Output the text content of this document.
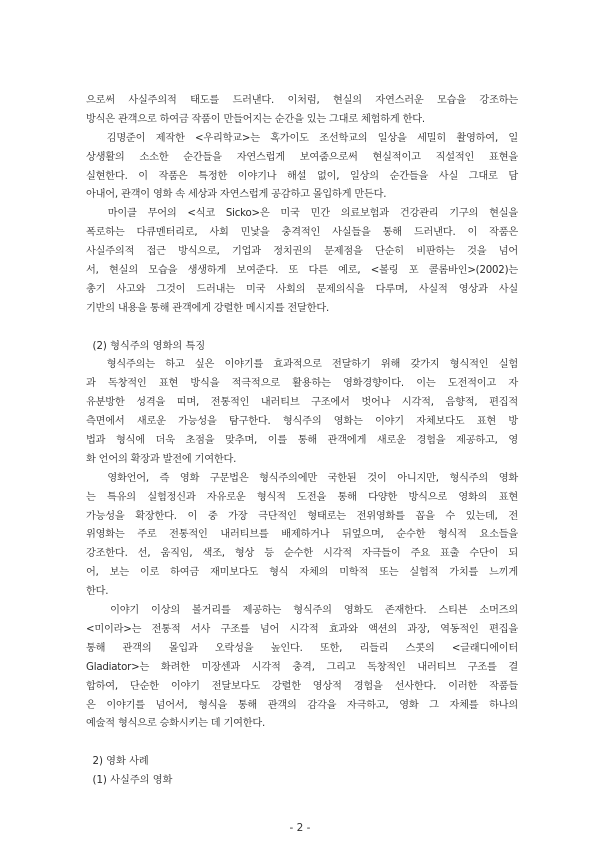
으로써 사실주의적 태도를 드러낸다. 이처럼, 현실의 자연스러운 모습을 강조하는
방식은 관객으로 하여금 작품이 만들어지는 순간을 있는 그대로 체험하게 한다.
김명준이 제작한 <우리학교>는 혹가이도 조선학교의 일상을 세밀히 촬영하여, 일
상생활의 소소한 순간들을 자연스럽게 보여줌으로써 현실적이고 직설적인 표현을
실현한다. 이 작품은 특정한 이야기나 해설 없이, 일상의 순간들을 사실 그대로 담
아내어, 관객이 영화 속 세상과 자연스럽게 공감하고 몰입하게 만든다.
마이클 무어의 <식코 Sicko>은 미국 민간 의료보험과 건강관리 기구의 현실을
폭로하는 다큐멘터리로, 사회 민낯을 충격적인 사실들을 통해 드러낸다. 이 작품은
사실주의적 접근 방식으로, 기업과 정치권의 문제점을 단순히 비판하는 것을 넘어
서, 현실의 모습을 생생하게 보여준다. 또 다른 예로, <볼링 포 콜롬바인>(2002)는
총기 사고와 그것이 드러내는 미국 사회의 문제의식을 다루며, 사실적 영상과 사실
기반의 내용을 통해 관객에게 강렬한 메시지를 전달한다.
(2) 형식주의 영화의 특징
형식주의는 하고 싶은 이야기를 효과적으로 전달하기 위해 갖가지 형식적인 실험
과 독창적인 표현 방식을 적극적으로 활용하는 영화경향이다. 이는 도전적이고 자
유분방한 성격을 띠며, 전통적인 내러티브 구조에서 벗어나 시각적, 음향적, 편집적
측면에서 새로운 가능성을 탐구한다. 형식주의 영화는 이야기 자체보다도 표현 방
법과 형식에 더욱 초점을 맞추며, 이를 통해 관객에게 새로운 경험을 제공하고, 영
화 언어의 확장과 발전에 기여한다.
영화언어, 즉 영화 구문법은 형식주의에만 국한된 것이 아니지만, 형식주의 영화
는 특유의 실험정신과 자유로운 형식적 도전을 통해 다양한 방식으로 영화의 표현
가능성을 확장한다. 이 중 가장 극단적인 형태로는 전위영화를 꼽을 수 있는데, 전
위영화는 주로 전통적인 내러티브를 배제하거나 뒤엎으며, 순수한 형식적 요소들을
강조한다. 선, 움직임, 색조, 형상 등 순수한 시각적 자극들이 주요 표출 수단이 되
어, 보는 이로 하여금 재미보다도 형식 자체의 미학적 또는 실험적 가치를 느끼게
한다.
이야기 이상의 볼거리를 제공하는 형식주의 영화도 존재한다. 스티븐 소머즈의
<미이라>는 전통적 서사 구조를 넘어 시각적 효과와 액션의 과장, 역동적인 편집을
통해 관객의 몰입과 오락성을 높인다. 또한, 리들리 스콧의 <글래디에이터
Gladiator>는 화려한 미장센과 시각적 충격, 그리고 독창적인 내러티브 구조를 결
합하여, 단순한 이야기 전달보다도 강렬한 영상적 경험을 선사한다. 이러한 작품들
은 이야기를 넘어서, 형식을 통해 관객의 감각을 자극하고, 영화 그 자체를 하나의
예술적 형식으로 승화시키는 데 기여한다.
2) 영화 사례
(1) 사실주의 영화
- 2 -
